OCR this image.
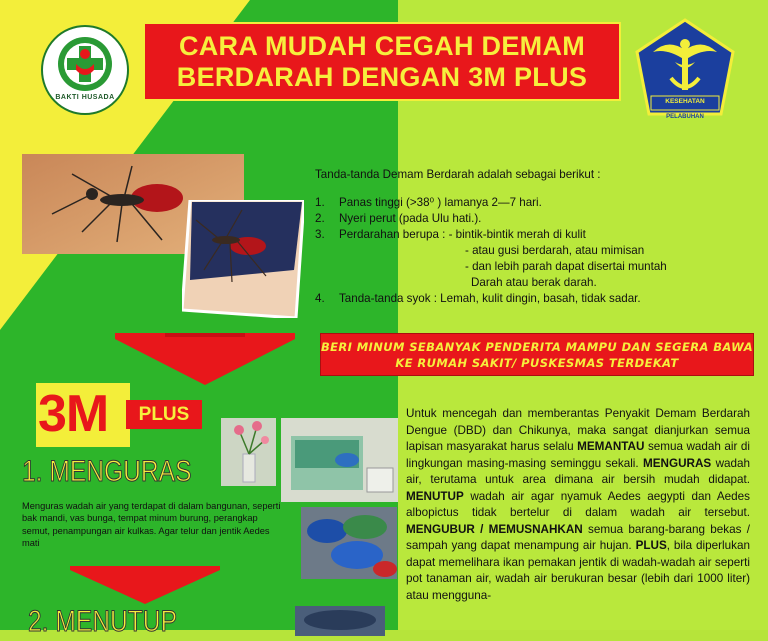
BAKTI HUSADA
CARA MUDAH CEGAH DEMAM
BERDARAH DENGAN 3M PLUS
KESEHATAN
PELABUHAN

Tanda-tanda Demam Berdarah adalah sebagai berikut :

1.	Panas tinggi (>38⁰ ) lamanya 2—7 hari.
2.	Nyeri perut (pada Ulu hati.).
3.	Perdarahan berupa : - bintik-bintik merah di kulit
- atau gusi berdarah, atau mimisan
- dan lebih parah dapat disertai muntah
Darah atau berak darah.
4.	Tanda-tanda syok : Lemah, kulit dingin, basah, tidak sadar.
BERI MINUM SEBANYAK PENDERITA MAMPU DAN SEGERA BAWA
KE RUMAH SAKIT/ PUSKESMAS TERDEKAT
3M PLUS
1. MENGURAS
Menguras wadah air yang terdapat di dalam bangunan, seperti bak mandi, vas bunga, tempat minum burung, perangkap semut, penampungan air kulkas. Agar telur dan jentik Aedes mati
2. MENUTUP
Untuk mencegah dan memberantas Penyakit Demam Berdarah Dengue (DBD) dan Chikunya, maka sangat dianjurkan semua lapisan masyarakat harus selalu MEMANTAU semua wadah air di lingkungan masing-masing seminggu sekali. MENGURAS wadah air, terutama untuk area dimana air bersih mudah didapat. MENUTUP wadah air agar nyamuk Aedes aegypti dan Aedes albopictus tidak bertelur di dalam wadah air tersebut. MENGUBUR / MEMUSNAHKAN semua barang-barang bekas / sampah yang dapat menampung air hujan. PLUS, bila diperlukan dapat memelihara ikan pemakan jentik di wadah-wadah air seperti pot tanaman air, wadah air berukuran besar (lebih dari 1000 liter) atau mengguna-
